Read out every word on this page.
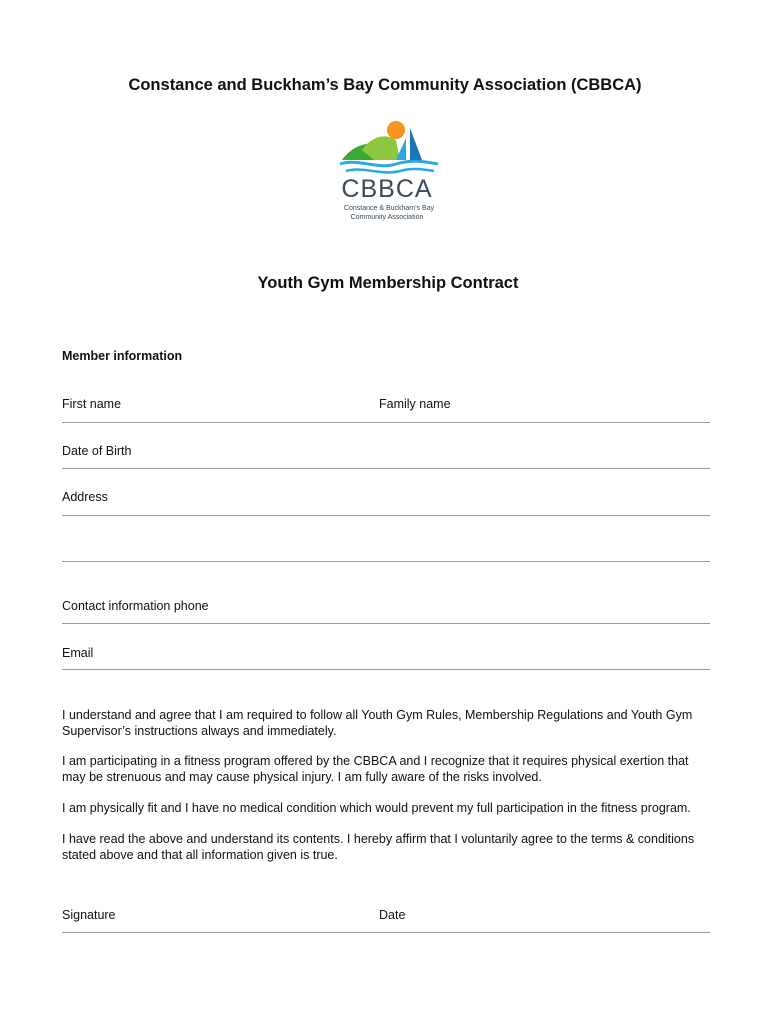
Constance and Buckham’s Bay Community Association (CBBCA)
CBBCA
Constance & Buckham’s Bay
Community Association
Youth Gym Membership Contract
Member information
First name	Family name
Date of Birth
Address
Contact information phone
Email
I understand and agree that I am required to follow all Youth Gym Rules, Membership Regulations and Youth Gym Supervisor’s instructions always and immediately.
I am participating in a fitness program offered by the CBBCA and I recognize that it requires physical exertion that may be strenuous and may cause physical injury. I am fully aware of the risks involved.
I am physically fit and I have no medical condition which would prevent my full participation in the fitness program.
I have read the above and understand its contents. I hereby affirm that I voluntarily agree to the terms & conditions stated above and that all information given is true.
Signature	Date
